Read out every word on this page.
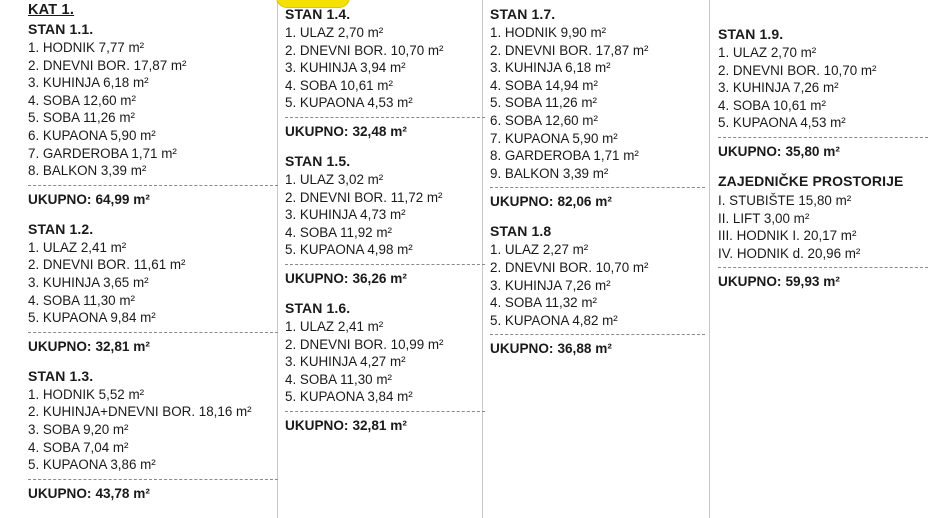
KAT 1.
STAN 1.1.
1. HODNIK 7,77 m²
2. DNEVNI BOR. 17,87 m²
3. KUHINJA 6,18 m²
4. SOBA 12,60 m²
5. SOBA 11,26 m²
6. KUPAONA 5,90 m²
7. GARDEROBA 1,71 m²
8. BALKON 3,39 m²
UKUPNO: 64,99 m²
STAN 1.2.
1. ULAZ 2,41 m²
2. DNEVNI BOR. 11,61 m²
3. KUHINJA 3,65 m²
4. SOBA 11,30 m²
5. KUPAONA 9,84 m²
UKUPNO: 32,81 m²
STAN 1.3.
1. HODNIK 5,52 m²
2. KUHINJA+DNEVNI BOR. 18,16 m²
3. SOBA 9,20 m²
4. SOBA 7,04 m²
5. KUPAONA 3,86 m²
UKUPNO: 43,78 m²
STAN 1.4.
1. ULAZ 2,70 m²
2. DNEVNI BOR. 10,70 m²
3. KUHINJA 3,94 m²
4. SOBA 10,61 m²
5. KUPAONA 4,53 m²
UKUPNO: 32,48 m²
STAN 1.5.
1. ULAZ 3,02 m²
2. DNEVNI BOR. 11,72 m²
3. KUHINJA 4,73 m²
4. SOBA 11,92 m²
5. KUPAONA 4,98 m²
UKUPNO: 36,26 m²
STAN 1.6.
1. ULAZ 2,41 m²
2. DNEVNI BOR. 10,99 m²
3. KUHINJA 4,27 m²
4. SOBA 11,30 m²
5. KUPAONA 3,84 m²
UKUPNO: 32,81 m²
STAN 1.7.
1. HODNIK 9,90 m²
2. DNEVNI BOR. 17,87 m²
3. KUHINJA 6,18 m²
4. SOBA 14,94 m²
5. SOBA 11,26 m²
6. SOBA 12,60 m²
7. KUPAONA 5,90 m²
8. GARDEROBA 1,71 m²
9. BALKON 3,39 m²
UKUPNO: 82,06 m²
STAN 1.8
1. ULAZ 2,27 m²
2. DNEVNI BOR. 10,70 m²
3. KUHINJA 7,26 m²
4. SOBA 11,32 m²
5. KUPAONA 4,82 m²
UKUPNO: 36,88 m²
STAN 1.9.
1. ULAZ 2,70 m²
2. DNEVNI BOR. 10,70 m²
3. KUHINJA 7,26 m²
4. SOBA 10,61 m²
5. KUPAONA 4,53 m²
UKUPNO: 35,80 m²
ZAJEDNIČKE PROSTORIJE
I. STUBIŠTE 15,80 m²
II. LIFT 3,00 m²
III. HODNIK I. 20,17 m²
IV. HODNIK d. 20,96 m²
UKUPNO: 59,93 m²
